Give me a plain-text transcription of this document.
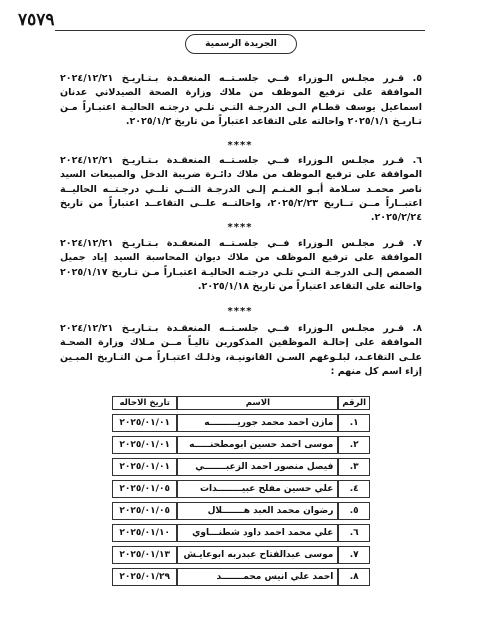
٧٥٧٩
الجريدة الرسمية
٥. قـرر مجلـس الـوزراء فــي جلسـتــه المنعقـدة بـتـاريـخ ٢٠٢٤/١٢/٢١ الموافقة على ترفيع الموظف من ملاك وزارة الصحة الصيدلاني عدنان اسماعيل يوسف قطـام الـى الدرجـة التـي تلـي درجتـه الحاليـة اعتبـاراً مـن تـاريـخ ٢٠٢٥/١/١ واحالته على التقاعد اعتباراً من تاريخ ٢٠٢٥/١/٢.
****
٦. قـرر مجلـس الـوزراء فــي جلسـتــه المنعقـدة بـتـاريـخ ٢٠٢٤/١٢/٢١ الموافقة على ترفيع الموظف من ملاك دائـرة ضريبة الدخل والمبيعات السيد ناصر محمـد سـلامة أبـو الغـنـم إلـى الدرجـة التــي تلــي درجـتــه الحاليــة اعتبــاراً مــن تــاريخ ٢٠٢٥/٢/٢٣، واحالتــه علــى التقاعــد اعتباراً من تاريخ ٢٠٢٥/٢/٢٤.
****
٧. قـرر مجلـس الـوزراء فــي جلسـتــه المنعقـدة بـتـاريـخ ٢٠٢٤/١٢/٢١ الموافقة على ترفيع الموظف من ملاك ديوان المحاسبة السيد إياد جميل الصمص إلـى الدرجـة التـي تلـي درجتـه الحاليـة اعتبـاراً مـن تـاريخ ٢٠٢٥/١/١٧ واحالته على التقاعد اعتباراً من تاريخ ٢٠٢٥/١/١٨.
****
٨. قـرر مجلـس الـوزراء فــي جلسـتــه المنعقـدة بـتـاريـخ ٢٠٢٤/١٢/٢١ الموافقة على إحالـة الموظفين المذكورين تاليـاً مــن مـلاك وزارة الصحـة علـى التقاعـد، لبلـوغهم السـن القانونيـة، وذلـك اعتبـاراً مـن التـاريخ المبـين إزاء اسم كل منهم :
الرقم	الاسم	تاريخ الاحاله
١.	مازن احمد محمد جوريـــــــــه	٢٠٢٥/٠١/٠١
٢.	موسى احمد حسين ابومطحنـــــه	٢٠٢٥/٠١/٠١
٣.	فيصل منصور احمد الزعبـــــــي	٢٠٢٥/٠١/٠١
٤.	علي حسين مفلح عبيــــــــدات	٢٠٢٥/٠١/٠٥
٥.	رضوان محمد العبد هـــــــلال	٢٠٢٥/٠١/٠٥
٦.	علي محمد احمد داود شطنـــاوي	٢٠٢٥/٠١/١٠
٧.	موسى عبدالفتاح عبدربه ابوعايـش	٢٠٢٥/٠١/١٣
٨.	احمد علي انيس محمـــــــد	٢٠٢٥/٠١/٢٩
